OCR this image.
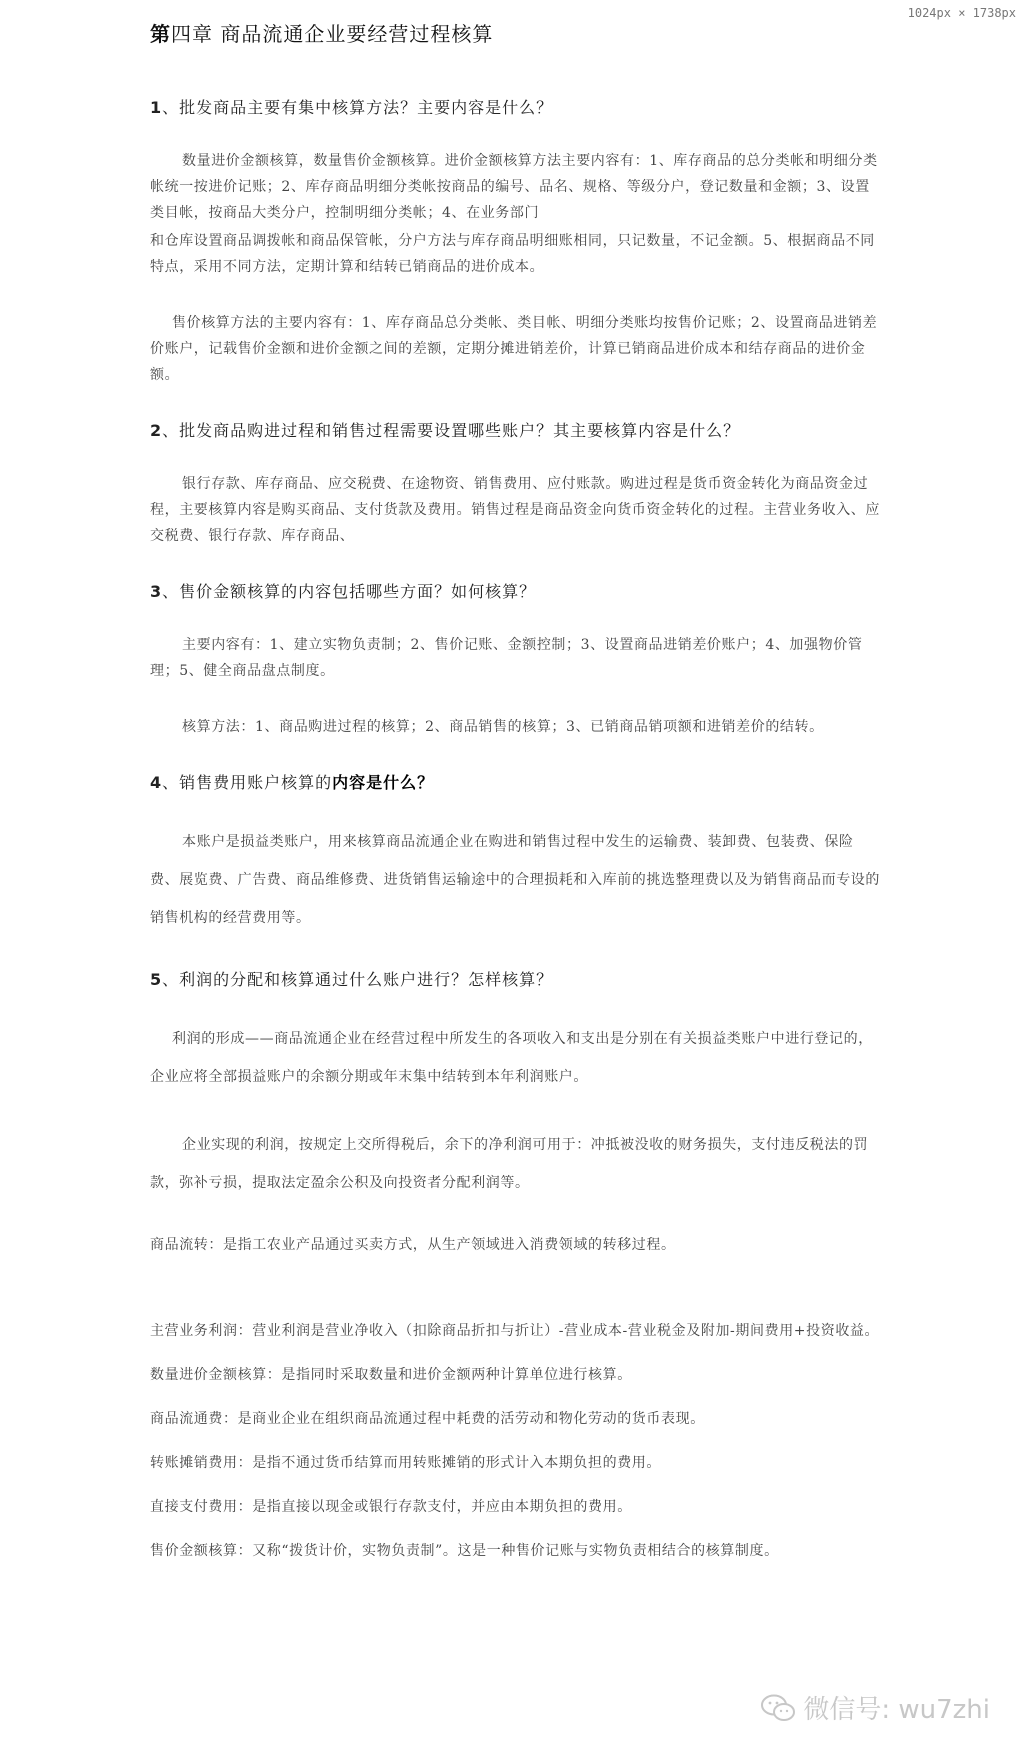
1024px × 1738px
第四章 商品流通企业要经营过程核算
1、批发商品主要有集中核算方法？主要内容是什么？

数量进价金额核算，数量售价金额核算。进价金额核算方法主要内容有：1、库存商品的总分类帐和明细分类帐统一按进价记账；2、库存商品明细分类帐按商品的编号、品名、规格、等级分户，登记数量和金额；3、设置类目帐，按商品大类分户，控制明细分类帐；4、在业务部门

和仓库设置商品调拨帐和商品保管帐，分户方法与库存商品明细账相同，只记数量，不记金额。5、根据商品不同特点，采用不同方法，定期计算和结转已销商品的进价成本。

售价核算方法的主要内容有：1、库存商品总分类帐、类目帐、明细分类账均按售价记账；2、设置商品进销差价账户，记载售价金额和进价金额之间的差额，定期分摊进销差价，计算已销商品进价成本和结存商品的进价金额。

2、批发商品购进过程和销售过程需要设置哪些账户？其主要核算内容是什么？

银行存款、库存商品、应交税费、在途物资、销售费用、应付账款。购进过程是货币资金转化为商品资金过程，主要核算内容是购买商品、支付货款及费用。销售过程是商品资金向货币资金转化的过程。主营业务收入、应交税费、银行存款、库存商品、

3、售价金额核算的内容包括哪些方面？如何核算？

主要内容有：1、建立实物负责制；2、售价记账、金额控制；3、设置商品进销差价账户；4、加强物价管理；5、健全商品盘点制度。

核算方法：1、商品购进过程的核算；2、商品销售的核算；3、已销商品销项额和进销差价的结转。

4、销售费用账户核算的内容是什么？

本账户是损益类账户，用来核算商品流通企业在购进和销售过程中发生的运输费、装卸费、包装费、保险费、展览费、广告费、商品维修费、进货销售运输途中的合理损耗和入库前的挑选整理费以及为销售商品而专设的销售机构的经营费用等。

5、利润的分配和核算通过什么账户进行？怎样核算？

利润的形成——商品流通企业在经营过程中所发生的各项收入和支出是分别在有关损益类账户中进行登记的，企业应将全部损益账户的余额分期或年末集中结转到本年利润账户。

企业实现的利润，按规定上交所得税后，余下的净利润可用于：冲抵被没收的财务损失，支付违反税法的罚款，弥补亏损，提取法定盈余公积及向投资者分配利润等。

商品流转：是指工农业产品通过买卖方式，从生产领域进入消费领域的转移过程。

主营业务利润：营业利润是营业净收入（扣除商品折扣与折让）-营业成本-营业税金及附加-期间费用+投资收益。

数量进价金额核算：是指同时采取数量和进价金额两种计算单位进行核算。

商品流通费：是商业企业在组织商品流通过程中耗费的活劳动和物化劳动的货币表现。

转账摊销费用：是指不通过货币结算而用转账摊销的形式计入本期负担的费用。

直接支付费用：是指直接以现金或银行存款支付，并应由本期负担的费用。

售价金额核算：又称“拨货计价，实物负责制”。这是一种售价记账与实物负责相结合的核算制度。

微信号: wu7zhi
